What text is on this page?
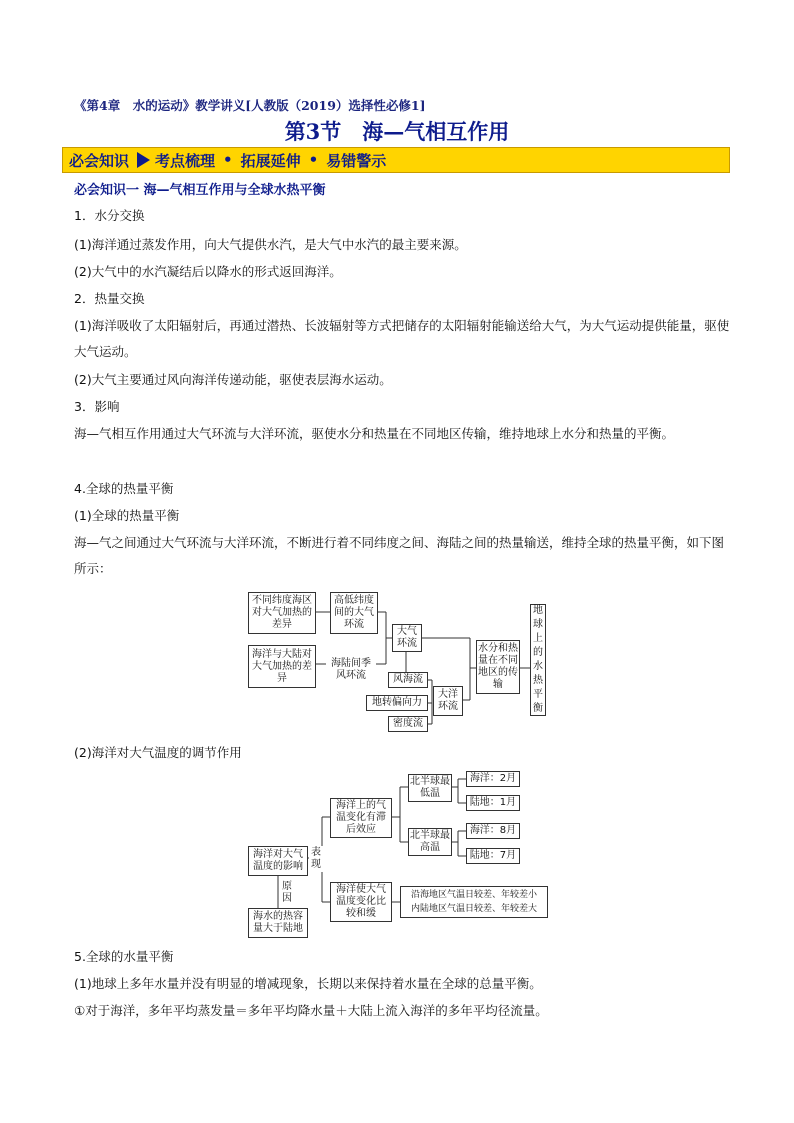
《第4章　水的运动》教学讲义[人教版（2019）选择性必修1]
第3节　海—气相互作用
必会知识 考点梳理 • 拓展延伸 • 易错警示
必会知识一 海—气相互作用与全球水热平衡
1．水分交换
(1)海洋通过蒸发作用，向大气提供水汽，是大气中水汽的最主要来源。
(2)大气中的水汽凝结后以降水的形式返回海洋。
2．热量交换
(1)海洋吸收了太阳辐射后，再通过潜热、长波辐射等方式把储存的太阳辐射能输送给大气，为大气运动提供能量，驱使大气运动。
(2)大气主要通过风向海洋传递动能，驱使表层海水运动。
3．影响
海—气相互作用通过大气环流与大洋环流，驱使水分和热量在不同地区传输，维持地球上水分和热量的平衡。
4.全球的热量平衡
(1)全球的热量平衡
海—气之间通过大气环流与大洋环流，不断进行着不同纬度之间、海陆之间的热量输送，维持全球的热量平衡，如下图所示：
不同纬度海区对大气加热的差异
海洋与大陆对大气加热的差异
高低纬度间的大气环流
海陆间季风环流
大气环流
风海流
地转偏向力
密度流
大洋环流
水分和热量在不同地区的传输
地球上的水热平衡
(2)海洋对大气温度的调节作用
海洋对大气温度的影响
原因
海水的热容量大于陆地
表现
海洋上的气温变化有滞后效应
海洋使大气温度变化比较和缓
北半球最低温
北半球最高温
海洋：2月
陆地：1月
海洋：8月
陆地：7月
沿海地区气温日较差、年较差小
内陆地区气温日较差、年较差大
5.全球的水量平衡
(1)地球上多年水量并没有明显的增减现象，长期以来保持着水量在全球的总量平衡。
①对于海洋，多年平均蒸发量＝多年平均降水量＋大陆上流入海洋的多年平均径流量。
